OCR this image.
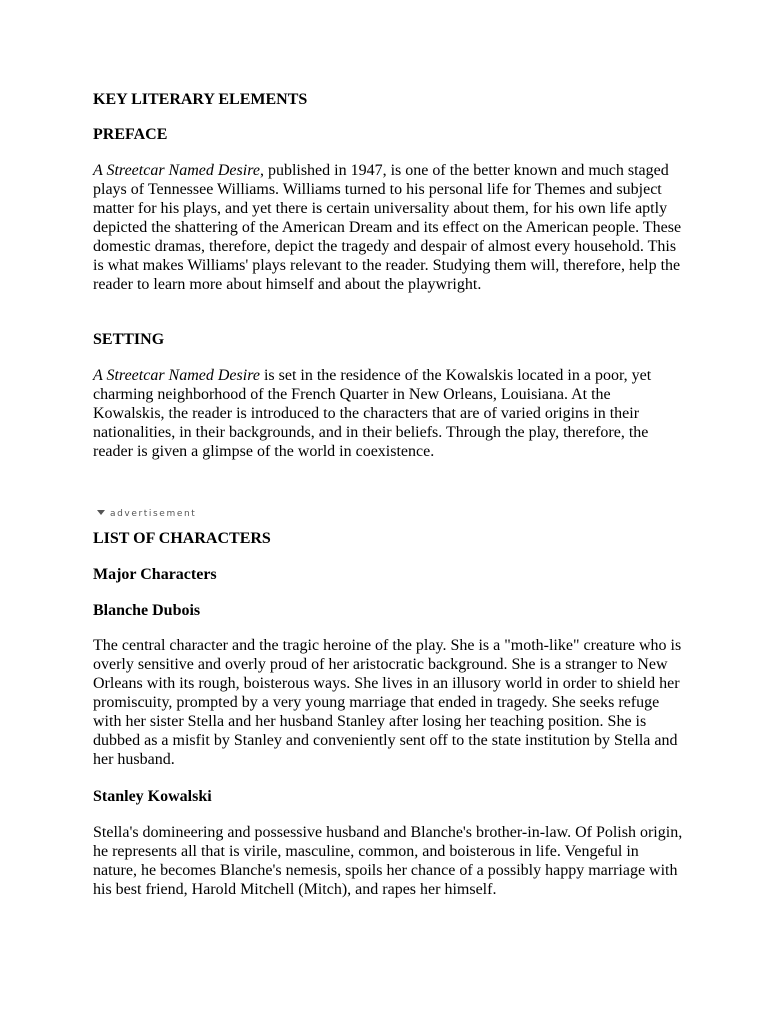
KEY LITERARY ELEMENTS
PREFACE

A Streetcar Named Desire, published in 1947, is one of the better known and much staged plays of Tennessee Williams. Williams turned to his personal life for Themes and subject matter for his plays, and yet there is certain universality about them, for his own life aptly depicted the shattering of the American Dream and its effect on the American people. These domestic dramas, therefore, depict the tragedy and despair of almost every household. This is what makes Williams' plays relevant to the reader. Studying them will, therefore, help the reader to learn more about himself and about the playwright.

SETTING

A Streetcar Named Desire is set in the residence of the Kowalskis located in a poor, yet charming neighborhood of the French Quarter in New Orleans, Louisiana. At the Kowalskis, the reader is introduced to the characters that are of varied origins in their nationalities, in their backgrounds, and in their beliefs. Through the play, therefore, the reader is given a glimpse of the world in coexistence.

advertisement
LIST OF CHARACTERS
Major Characters
Blanche Dubois

The central character and the tragic heroine of the play. She is a "moth-like" creature who is overly sensitive and overly proud of her aristocratic background. She is a stranger to New Orleans with its rough, boisterous ways. She lives in an illusory world in order to shield her promiscuity, prompted by a very young marriage that ended in tragedy. She seeks refuge with her sister Stella and her husband Stanley after losing her teaching position. She is dubbed as a misfit by Stanley and conveniently sent off to the state institution by Stella and her husband.

Stanley Kowalski

Stella's domineering and possessive husband and Blanche's brother-in-law. Of Polish origin, he represents all that is virile, masculine, common, and boisterous in life. Vengeful in nature, he becomes Blanche's nemesis, spoils her chance of a possibly happy marriage with his best friend, Harold Mitchell (Mitch), and rapes her himself.
